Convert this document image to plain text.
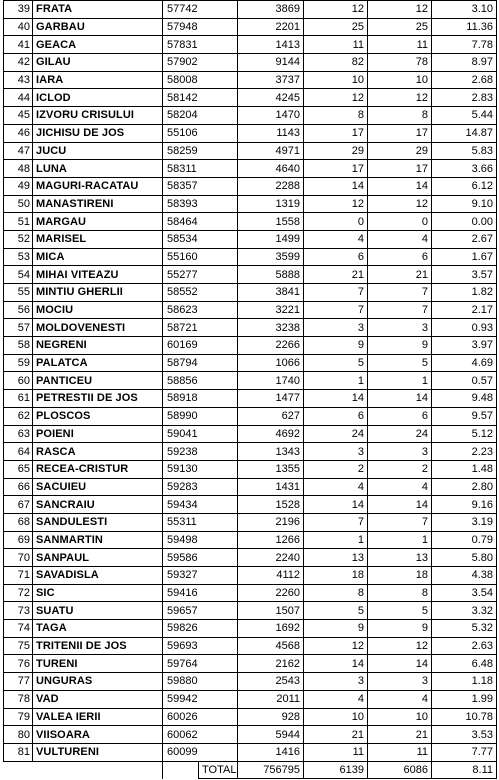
39	FRATA	57742		3869	12	12	3.10
40	GARBAU	57948		2201	25	25	11.36
41	GEACA	57831		1413	11	11	7.78
42	GILAU	57902		9144	82	78	8.97
43	IARA	58008		3737	10	10	2.68
44	ICLOD	58142		4245	12	12	2.83
45	IZVORU CRISULUI	58204		1470	8	8	5.44
46	JICHISU DE JOS	55106		1143	17	17	14.87
47	JUCU	58259		4971	29	29	5.83
48	LUNA	58311		4640	17	17	3.66
49	MAGURI-RACATAU	58357		2288	14	14	6.12
50	MANASTIRENI	58393		1319	12	12	9.10
51	MARGAU	58464		1558	0	0	0.00
52	MARISEL	58534		1499	4	4	2.67
53	MICA	55160		3599	6	6	1.67
54	MIHAI VITEAZU	55277		5888	21	21	3.57
55	MINTIU GHERLII	58552		3841	7	7	1.82
56	MOCIU	58623		3221	7	7	2.17
57	MOLDOVENESTI	58721		3238	3	3	0.93
58	NEGRENI	60169		2266	9	9	3.97
59	PALATCA	58794		1066	5	5	4.69
60	PANTICEU	58856		1740	1	1	0.57
61	PETRESTII DE JOS	58918		1477	14	14	9.48
62	PLOSCOS	58990		627	6	6	9.57
63	POIENI	59041		4692	24	24	5.12
64	RASCA	59238		1343	3	3	2.23
65	RECEA-CRISTUR	59130		1355	2	2	1.48
66	SACUIEU	59283		1431	4	4	2.80
67	SANCRAIU	59434		1528	14	14	9.16
68	SANDULESTI	55311		2196	7	7	3.19
69	SANMARTIN	59498		1266	1	1	0.79
70	SANPAUL	59586		2240	13	13	5.80
71	SAVADISLA	59327		4112	18	18	4.38
72	SIC	59416		2260	8	8	3.54
73	SUATU	59657		1507	5	5	3.32
74	TAGA	59826		1692	9	9	5.32
75	TRITENII DE JOS	59693		4568	12	12	2.63
76	TURENI	59764		2162	14	14	6.48
77	UNGURAS	59880		2543	3	3	1.18
78	VAD	59942		2011	4	4	1.99
79	VALEA IERII	60026		928	10	10	10.78
80	VIISOARA	60062		5944	21	21	3.53
81	VULTURENI	60099		1416	11	11	7.77
			TOTAL	756795	6139	6086	8.11
